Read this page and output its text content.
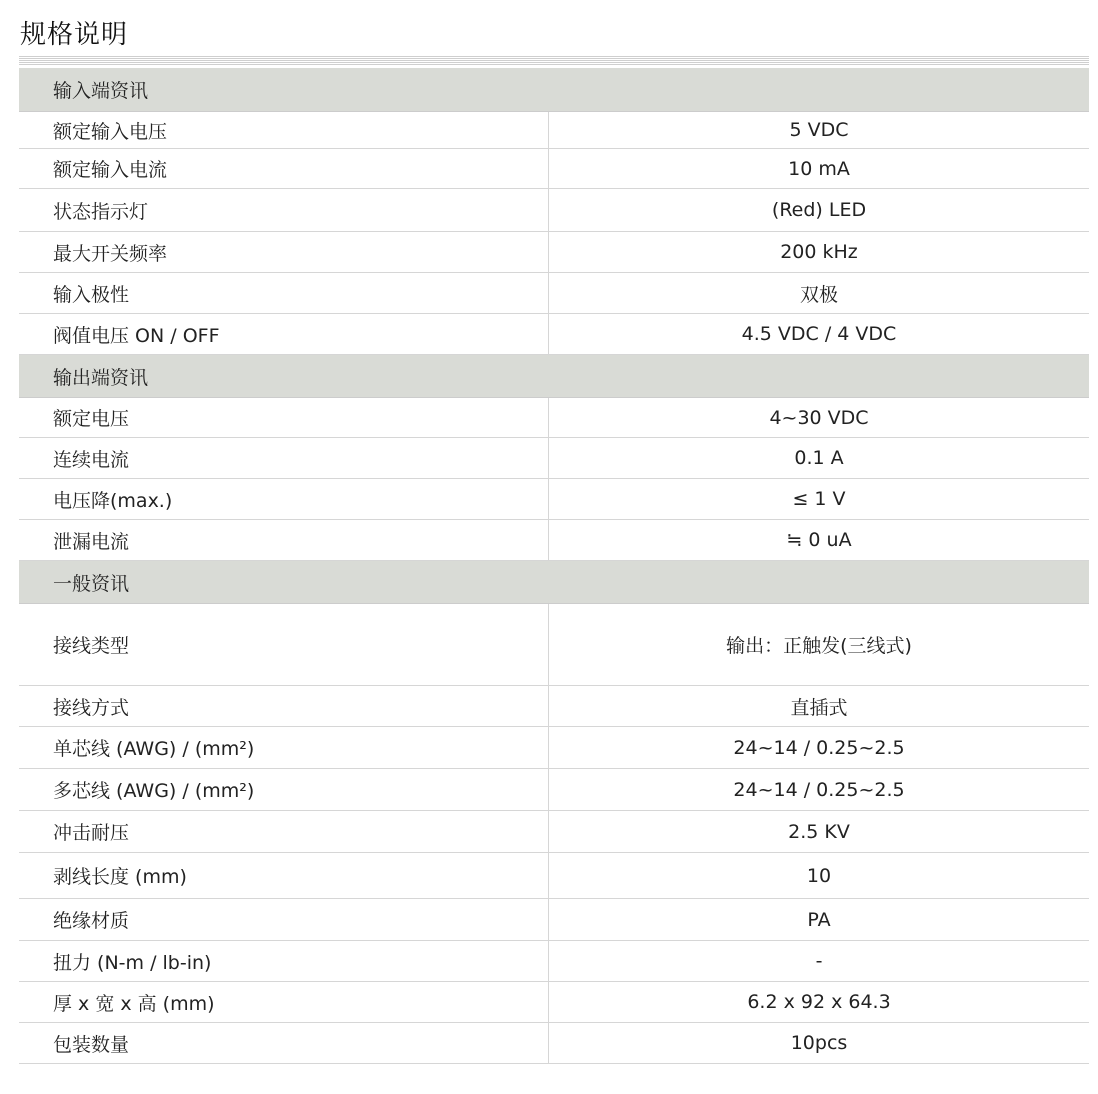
规格说明
输入端资讯
额定输入电压	5 VDC
额定输入电流	10 mA
状态指示灯	(Red) LED
最大开关频率	200 kHz
输入极性	双极
阀值电压 ON / OFF	4.5 VDC / 4 VDC
输出端资讯
额定电压	4~30 VDC
连续电流	0.1 A
电压降(max.)	≤ 1 V
泄漏电流	≒ 0 uA
一般资讯
接线类型	输出：正触发(三线式)
接线方式	直插式
单芯线 (AWG) / (mm²)	24~14 / 0.25~2.5
多芯线 (AWG) / (mm²)	24~14 / 0.25~2.5
冲击耐压	2.5 KV
剥线长度 (mm)	10
绝缘材质	PA
扭力 (N-m / lb-in)	-
厚 x 宽 x 高 (mm)	6.2 x 92 x 64.3
包装数量	10pcs
